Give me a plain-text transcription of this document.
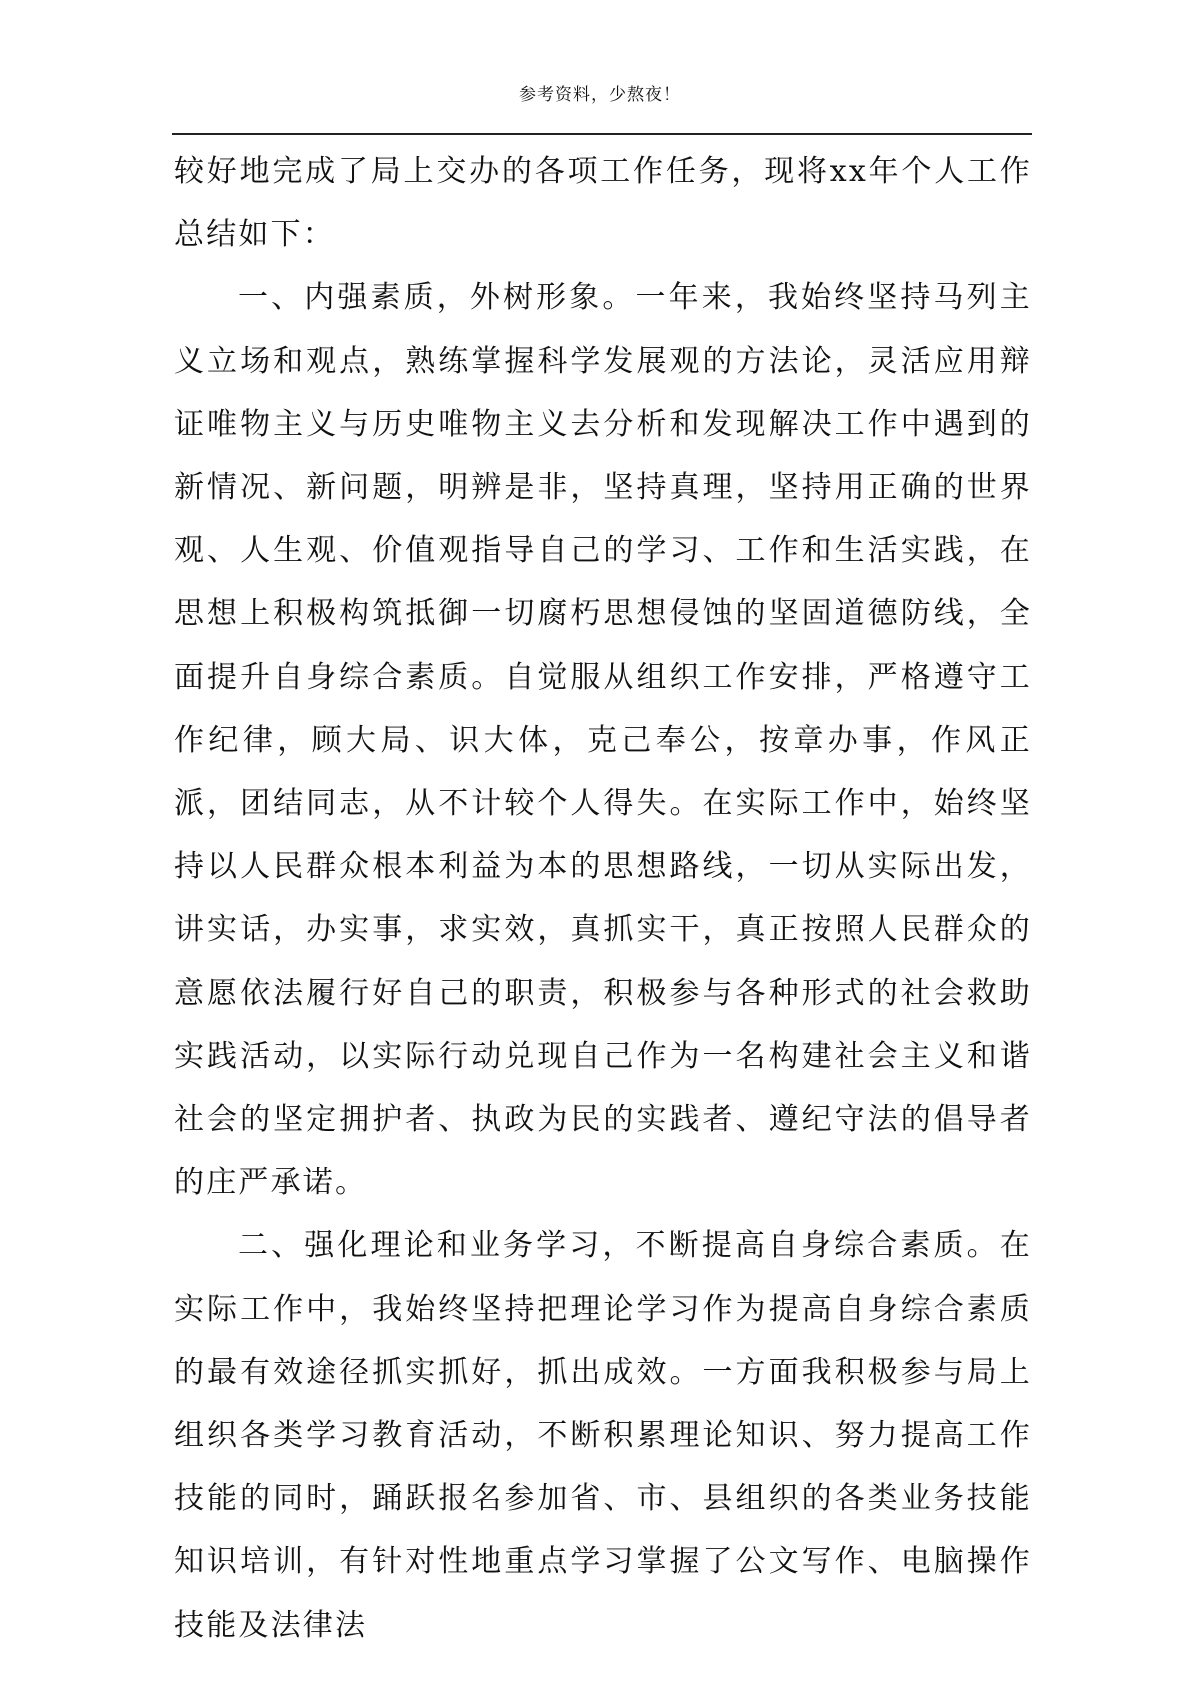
参考资料，少熬夜！

较好地完成了局上交办的各项工作任务，现将xx年个人工作总结如下：

一、内强素质，外树形象。一年来，我始终坚持马列主义立场和观点，熟练掌握科学发展观的方法论，灵活应用辩证唯物主义与历史唯物主义去分析和发现解决工作中遇到的新情况、新问题，明辨是非，坚持真理，坚持用正确的世界观、人生观、价值观指导自己的学习、工作和生活实践，在思想上积极构筑抵御一切腐朽思想侵蚀的坚固道德防线，全面提升自身综合素质。自觉服从组织工作安排，严格遵守工作纪律，顾大局、识大体，克己奉公，按章办事，作风正派，团结同志，从不计较个人得失。在实际工作中，始终坚持以人民群众根本利益为本的思想路线，一切从实际出发，讲实话，办实事，求实效，真抓实干，真正按照人民群众的意愿依法履行好自己的职责，积极参与各种形式的社会救助实践活动，以实际行动兑现自己作为一名构建社会主义和谐社会的坚定拥护者、执政为民的实践者、遵纪守法的倡导者的庄严承诺。

二、强化理论和业务学习，不断提高自身综合素质。在实际工作中，我始终坚持把理论学习作为提高自身综合素质的最有效途径抓实抓好，抓出成效。一方面我积极参与局上组织各类学习教育活动，不断积累理论知识、努力提高工作技能的同时，踊跃报名参加省、市、县组织的各类业务技能知识培训，有针对性地重点学习掌握了公文写作、电脑操作技能及法律法
